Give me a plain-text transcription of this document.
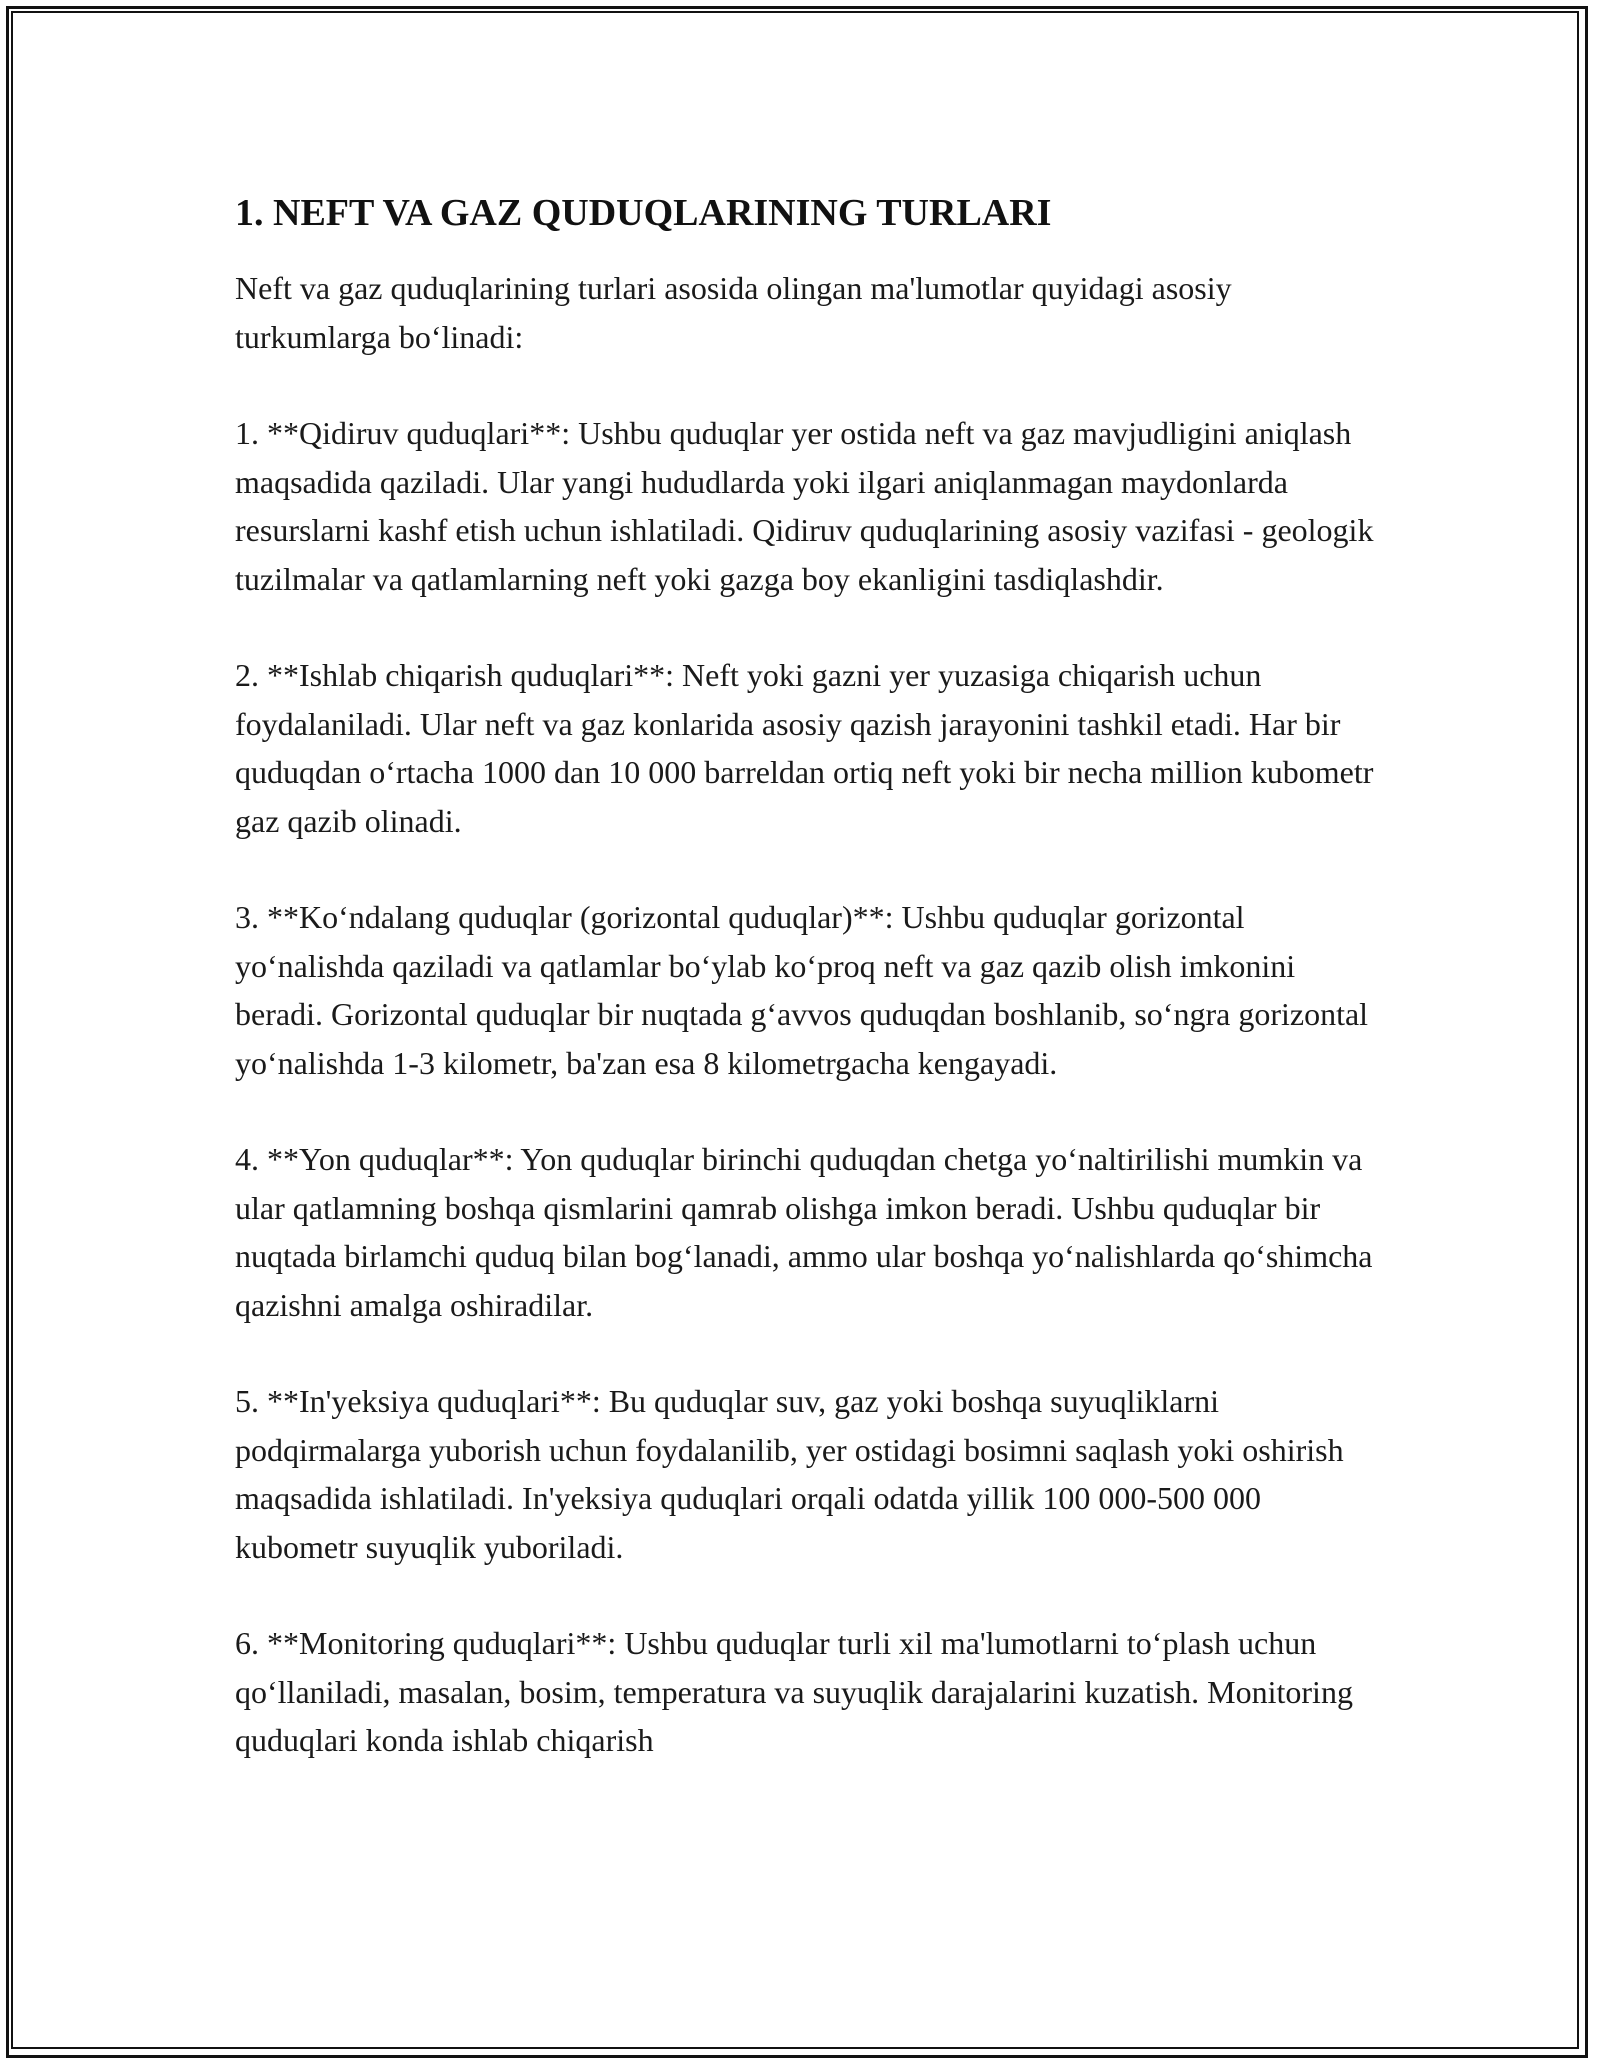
1. NEFT VA GAZ QUDUQLARINING TURLARI

Neft va gaz quduqlarining turlari asosida olingan ma'lumotlar quyidagi asosiy turkumlarga bo‘linadi:

1. **Qidiruv quduqlari**: Ushbu quduqlar yer ostida neft va gaz mavjudligini aniqlash maqsadida qaziladi. Ular yangi hududlarda yoki ilgari aniqlanmagan maydonlarda resurslarni kashf etish uchun ishlatiladi. Qidiruv quduqlarining asosiy vazifasi - geologik tuzilmalar va qatlamlarning neft yoki gazga boy ekanligini tasdiqlashdir.

2. **Ishlab chiqarish quduqlari**: Neft yoki gazni yer yuzasiga chiqarish uchun foydalaniladi. Ular neft va gaz konlarida asosiy qazish jarayonini tashkil etadi. Har bir quduqdan o‘rtacha 1000 dan 10 000 barreldan ortiq neft yoki bir necha million kubometr gaz qazib olinadi.

3. **Ko‘ndalang quduqlar (gorizontal quduqlar)**: Ushbu quduqlar gorizontal yo‘nalishda qaziladi va qatlamlar bo‘ylab ko‘proq neft va gaz qazib olish imkonini beradi. Gorizontal quduqlar bir nuqtada g‘avvos quduqdan boshlanib, so‘ngra gorizontal yo‘nalishda 1-3 kilometr, ba'zan esa 8 kilometrgacha kengayadi.

4. **Yon quduqlar**: Yon quduqlar birinchi quduqdan chetga yo‘naltirilishi mumkin va ular qatlamning boshqa qismlarini qamrab olishga imkon beradi. Ushbu quduqlar bir nuqtada birlamchi quduq bilan bog‘lanadi, ammo ular boshqa yo‘nalishlarda qo‘shimcha qazishni amalga oshiradilar.

5. **In'yeksiya quduqlari**: Bu quduqlar suv, gaz yoki boshqa suyuqliklarni podqirmalarga yuborish uchun foydalanilib, yer ostidagi bosimni saqlash yoki oshirish maqsadida ishlatiladi. In'yeksiya quduqlari orqali odatda yillik 100 000-500 000 kubometr suyuqlik yuboriladi.

6. **Monitoring quduqlari**: Ushbu quduqlar turli xil ma'lumotlarni to‘plash uchun qo‘llaniladi, masalan, bosim, temperatura va suyuqlik darajalarini kuzatish. Monitoring quduqlari konda ishlab chiqarish
